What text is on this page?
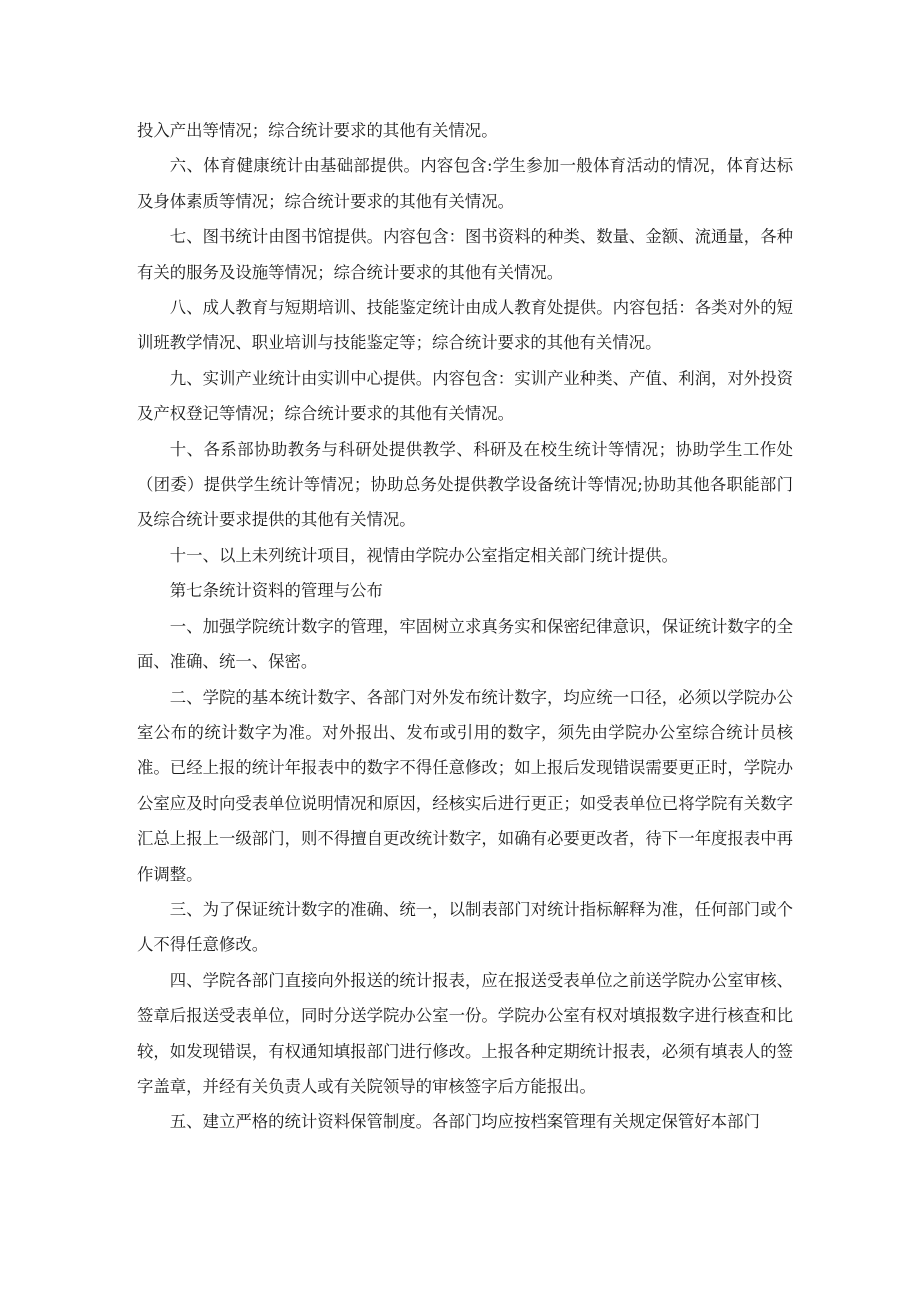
投入产出等情况；综合统计要求的其他有关情况。

六、体育健康统计由基础部提供。内容包含:学生参加一般体育活动的情况，体育达标及身体素质等情况；综合统计要求的其他有关情况。

七、图书统计由图书馆提供。内容包含：图书资料的种类、数量、金额、流通量，各种有关的服务及设施等情况；综合统计要求的其他有关情况。

八、成人教育与短期培训、技能鉴定统计由成人教育处提供。内容包括：各类对外的短训班教学情况、职业培训与技能鉴定等；综合统计要求的其他有关情况。

九、实训产业统计由实训中心提供。内容包含：实训产业种类、产值、利润，对外投资及产权登记等情况；综合统计要求的其他有关情况。

十、各系部协助教务与科研处提供教学、科研及在校生统计等情况；协助学生工作处（团委）提供学生统计等情况；协助总务处提供教学设备统计等情况;协助其他各职能部门及综合统计要求提供的其他有关情况。

十一、以上未列统计项目，视情由学院办公室指定相关部门统计提供。

第七条统计资料的管理与公布

一、加强学院统计数字的管理，牢固树立求真务实和保密纪律意识，保证统计数字的全面、准确、统一、保密。

二、学院的基本统计数字、各部门对外发布统计数字，均应统一口径，必须以学院办公室公布的统计数字为准。对外报出、发布或引用的数字，须先由学院办公室综合统计员核准。已经上报的统计年报表中的数字不得任意修改；如上报后发现错误需要更正时，学院办公室应及时向受表单位说明情况和原因，经核实后进行更正；如受表单位已将学院有关数字汇总上报上一级部门，则不得擅自更改统计数字，如确有必要更改者，待下一年度报表中再作调整。

三、为了保证统计数字的准确、统一，以制表部门对统计指标解释为准，任何部门或个人不得任意修改。

四、学院各部门直接向外报送的统计报表，应在报送受表单位之前送学院办公室审核、签章后报送受表单位，同时分送学院办公室一份。学院办公室有权对填报数字进行核查和比较，如发现错误，有权通知填报部门进行修改。上报各种定期统计报表，必须有填表人的签字盖章，并经有关负责人或有关院领导的审核签字后方能报出。

五、建立严格的统计资料保管制度。各部门均应按档案管理有关规定保管好本部门
